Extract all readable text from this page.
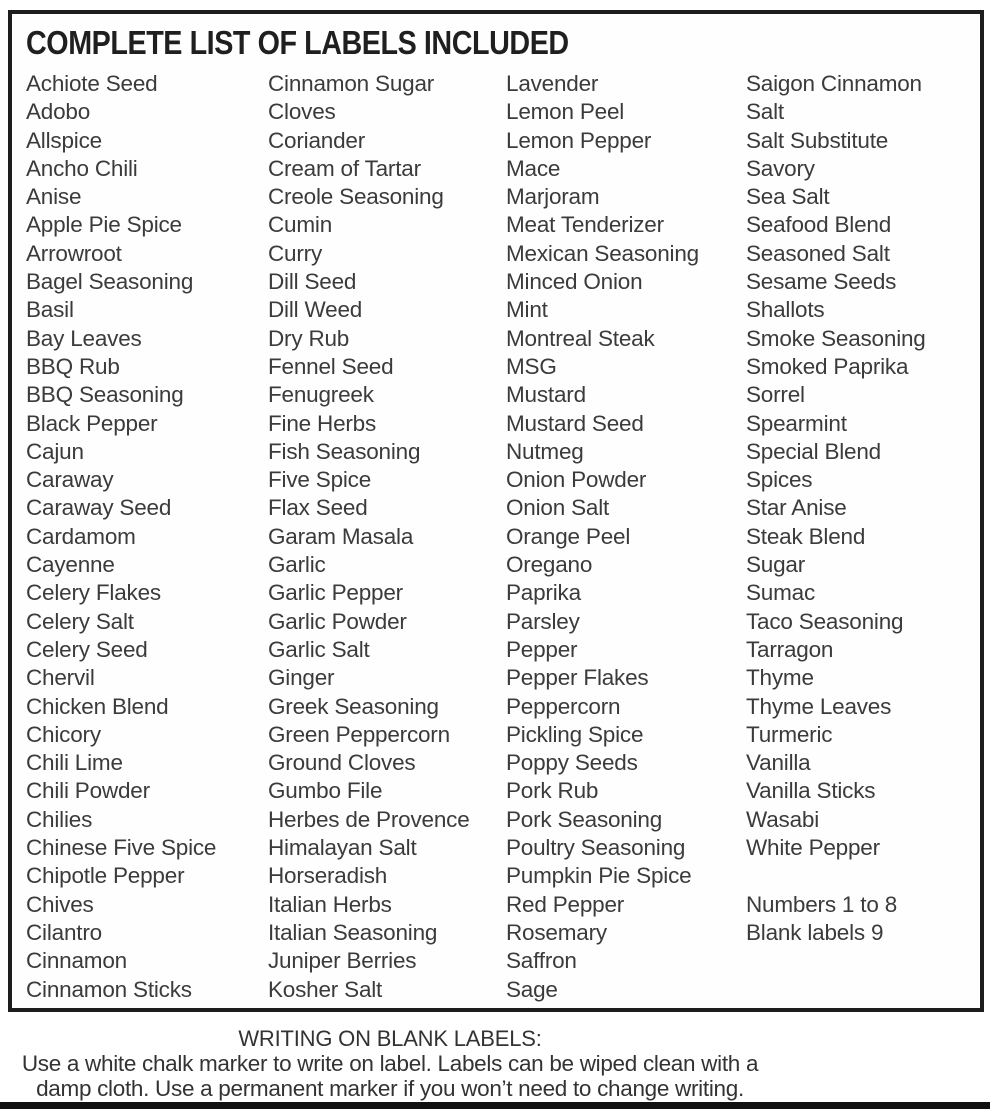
COMPLETE LIST OF LABELS INCLUDED
Achiote Seed
Adobo
Allspice
Ancho Chili
Anise
Apple Pie Spice
Arrowroot
Bagel Seasoning
Basil
Bay Leaves
BBQ Rub
BBQ Seasoning
Black Pepper
Cajun
Caraway
Caraway Seed
Cardamom
Cayenne
Celery Flakes
Celery Salt
Celery Seed
Chervil
Chicken Blend
Chicory
Chili Lime
Chili Powder
Chilies
Chinese Five Spice
Chipotle Pepper
Chives
Cilantro
Cinnamon
Cinnamon Sticks
Cinnamon Sugar
Cloves
Coriander
Cream of Tartar
Creole Seasoning
Cumin
Curry
Dill Seed
Dill Weed
Dry Rub
Fennel Seed
Fenugreek
Fine Herbs
Fish Seasoning
Five Spice
Flax Seed
Garam Masala
Garlic
Garlic Pepper
Garlic Powder
Garlic Salt
Ginger
Greek Seasoning
Green Peppercorn
Ground Cloves
Gumbo File
Herbes de Provence
Himalayan Salt
Horseradish
Italian Herbs
Italian Seasoning
Juniper Berries
Kosher Salt
Lavender
Lemon Peel
Lemon Pepper
Mace
Marjoram
Meat Tenderizer
Mexican Seasoning
Minced Onion
Mint
Montreal Steak
MSG
Mustard
Mustard Seed
Nutmeg
Onion Powder
Onion Salt
Orange Peel
Oregano
Paprika
Parsley
Pepper
Pepper Flakes
Peppercorn
Pickling Spice
Poppy Seeds
Pork Rub
Pork Seasoning
Poultry Seasoning
Pumpkin Pie Spice
Red Pepper
Rosemary
Saffron
Sage
Saigon Cinnamon
Salt
Salt Substitute
Savory
Sea Salt
Seafood Blend
Seasoned Salt
Sesame Seeds
Shallots
Smoke Seasoning
Smoked Paprika
Sorrel
Spearmint
Special Blend
Spices
Star Anise
Steak Blend
Sugar
Sumac
Taco Seasoning
Tarragon
Thyme
Thyme Leaves
Turmeric
Vanilla
Vanilla Sticks
Wasabi
White Pepper
Numbers 1 to 8
Blank labels 9
WRITING ON BLANK LABELS:
Use a white chalk marker to write on label. Labels can be wiped clean with a
damp cloth. Use a permanent marker if you won’t need to change writing.
